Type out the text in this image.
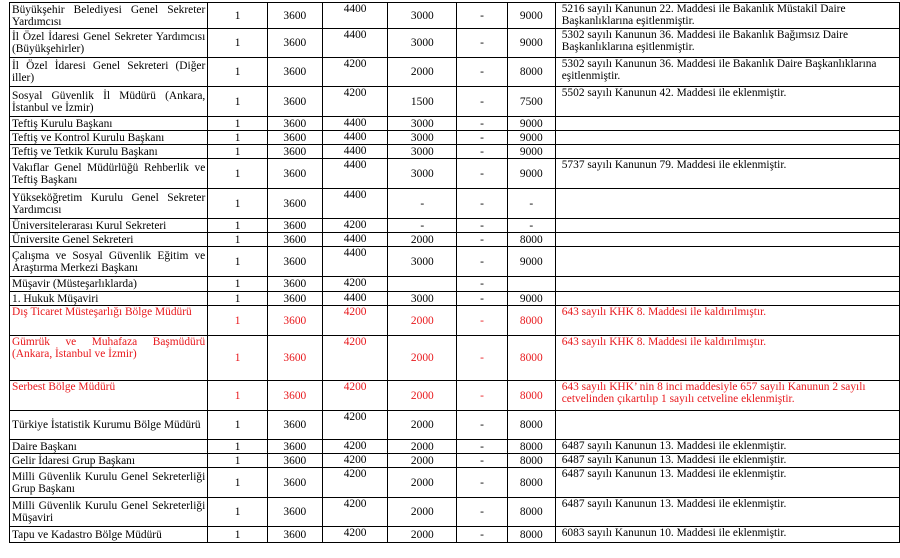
Büyükşehir Belediyesi Genel Sekreter Yardımcısı	1	3600	4400	3000	-	9000	5216 sayılı Kanunun 22. Maddesi ile Bakanlık Müstakil Daire Başkanlıklarına eşitlenmiştir.
İl Özel İdaresi Genel Sekreter Yardımcısı (Büyükşehirler)	1	3600	4400	3000	-	9000	5302 sayılı Kanunun 36. Maddesi ile Bakanlık Bağımsız Daire Başkanlıklarına eşitlenmiştir.
İl Özel İdaresi Genel Sekreteri (Diğer iller)	1	3600	4200	2000	-	8000	5302 sayılı Kanunun 36. Maddesi ile Bakanlık Daire Başkanlıklarına eşitlenmiştir.
Sosyal Güvenlik İl Müdürü (Ankara, İstanbul ve İzmir)	1	3600	4200	1500	-	7500	5502 sayılı Kanunun 42. Maddesi ile eklenmiştir.
Teftiş Kurulu Başkanı	1	3600	4400	3000	-	9000	
Teftiş ve Kontrol Kurulu Başkanı	1	3600	4400	3000	-	9000	
Teftiş ve Tetkik Kurulu Başkanı	1	3600	4400	3000	-	9000	
Vakıflar Genel Müdürlüğü Rehberlik ve Teftiş Başkanı	1	3600	4400	3000	-	9000	5737 sayılı Kanunun 79. Maddesi ile eklenmiştir.
Yükseköğretim Kurulu Genel Sekreter Yardımcısı	1	3600	4400	-	-	-	
Üniversitelerarası Kurul Sekreteri	1	3600	4200	-	-	-	
Üniversite Genel Sekreteri	1	3600	4400	2000	-	8000	
Çalışma ve Sosyal Güvenlik Eğitim ve Araştırma Merkezi Başkanı	1	3600	4400	3000	-	9000	
Müşavir (Müsteşarlıklarda)	1	3600	4200		-		
1. Hukuk Müşaviri	1	3600	4400	3000	-	9000	
Dış Ticaret Müsteşarlığı Bölge Müdürü	1	3600	4200	2000	-	8000	643 sayılı KHK 8. Maddesi ile kaldırılmıştır.
Gümrük ve Muhafaza Başmüdürü (Ankara, İstanbul ve İzmir)	1	3600	4200	2000	-	8000	643 sayılı KHK 8. Maddesi ile kaldırılmıştır.
Serbest Bölge Müdürü	1	3600	4200	2000	-	8000	643 sayılı KHK’ nin 8 inci maddesiyle 657 sayılı Kanunun 2 sayılı cetvelinden çıkartılıp 1 sayılı cetveline eklenmiştir.
Türkiye İstatistik Kurumu Bölge Müdürü	1	3600	4200	2000	-	8000	
Daire Başkanı	1	3600	4200	2000	-	8000	6487 sayılı Kanunun 13. Maddesi ile eklenmiştir.
Gelir İdaresi Grup Başkanı	1	3600	4200	2000	-	8000	6487 sayılı Kanunun 13. Maddesi ile eklenmiştir.
Milli Güvenlik Kurulu Genel Sekreterliği Grup Başkanı	1	3600	4200	2000	-	8000	6487 sayılı Kanunun 13. Maddesi ile eklenmiştir.
Milli Güvenlik Kurulu Genel Sekreterliği Müşaviri	1	3600	4200	2000	-	8000	6487 sayılı Kanunun 13. Maddesi ile eklenmiştir.
Tapu ve Kadastro Bölge Müdürü	1	3600	4200	2000	-	8000	6083 sayılı Kanunun 10. Maddesi ile eklenmiştir.
